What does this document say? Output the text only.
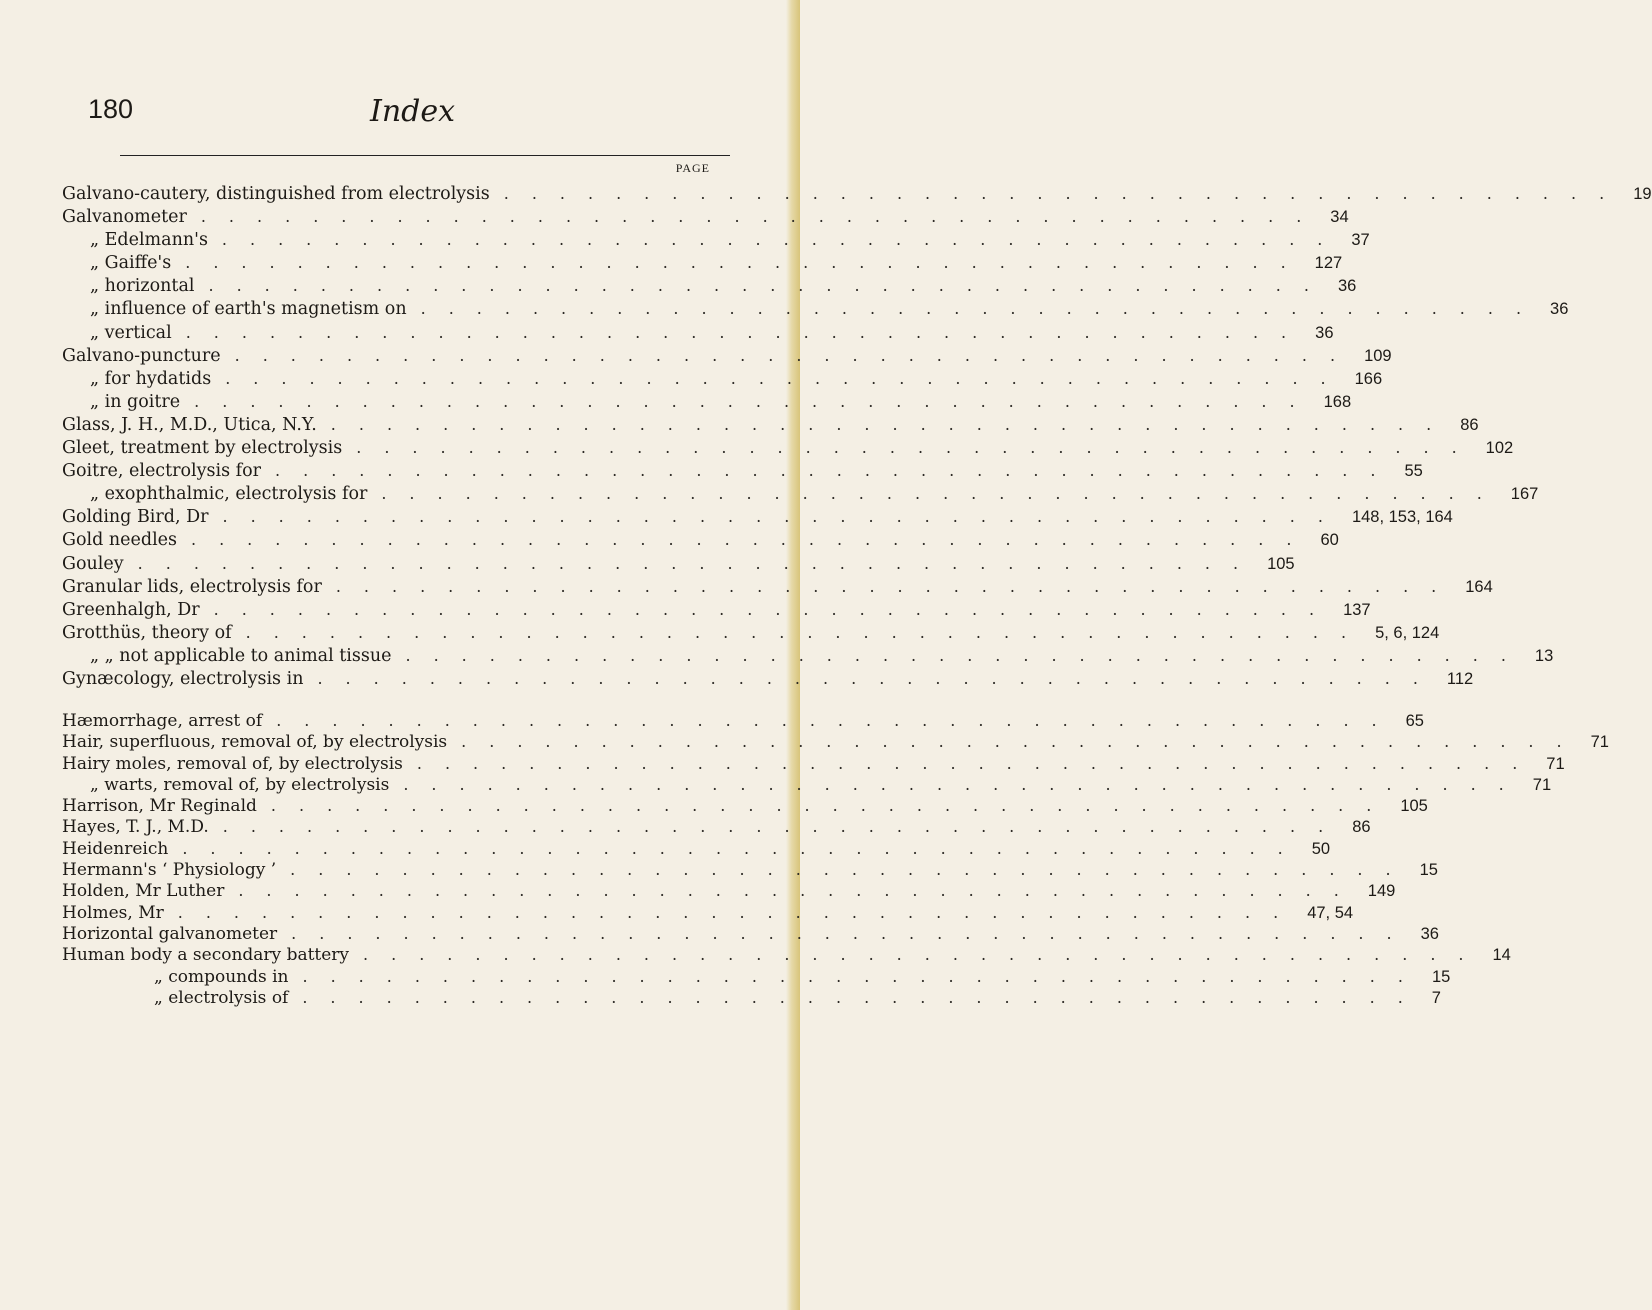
180	Index
PAGE
Galvano-cautery, distinguished from electrolysis ........................................ 19
Galvanometer ........................................ 34
„ Edelmann's ........................................ 37
„ Gaiffe's ........................................ 127
„ horizontal ........................................ 36
„ influence of earth's magnetism on ........................................ 36
„ vertical ........................................ 36
Galvano-puncture ........................................ 109
„ for hydatids ........................................ 166
„ in goitre ........................................ 168
Glass, J. H., M.D., Utica, N.Y. ........................................ 86
Gleet, treatment by electrolysis ........................................ 102
Goitre, electrolysis for ........................................ 55
„ exophthalmic, electrolysis for ........................................ 167
Golding Bird, Dr ........................................ 148, 153, 164
Gold needles ........................................ 60
Gouley ........................................ 105
Granular lids, electrolysis for ........................................ 164
Greenhalgh, Dr ........................................ 137
Grotthüs, theory of ........................................ 5, 6, 124
„ „ not applicable to animal tissue ........................................ 13
Gynæcology, electrolysis in ........................................ 112
Hæmorrhage, arrest of ........................................ 65
Hair, superfluous, removal of, by electrolysis ........................................ 71
Hairy moles, removal of, by electrolysis ........................................ 71
„ warts, removal of, by electrolysis ........................................ 71
Harrison, Mr Reginald ........................................ 105
Hayes, T. J., M.D. ........................................ 86
Heidenreich ........................................ 50
Hermann's ‘ Physiology ’ ........................................ 15
Holden, Mr Luther ........................................ 149
Holmes, Mr ........................................ 47, 54
Horizontal galvanometer ........................................ 36
Human body a secondary battery ........................................ 14
„ compounds in ........................................ 15
„ electrolysis of ........................................ 7
